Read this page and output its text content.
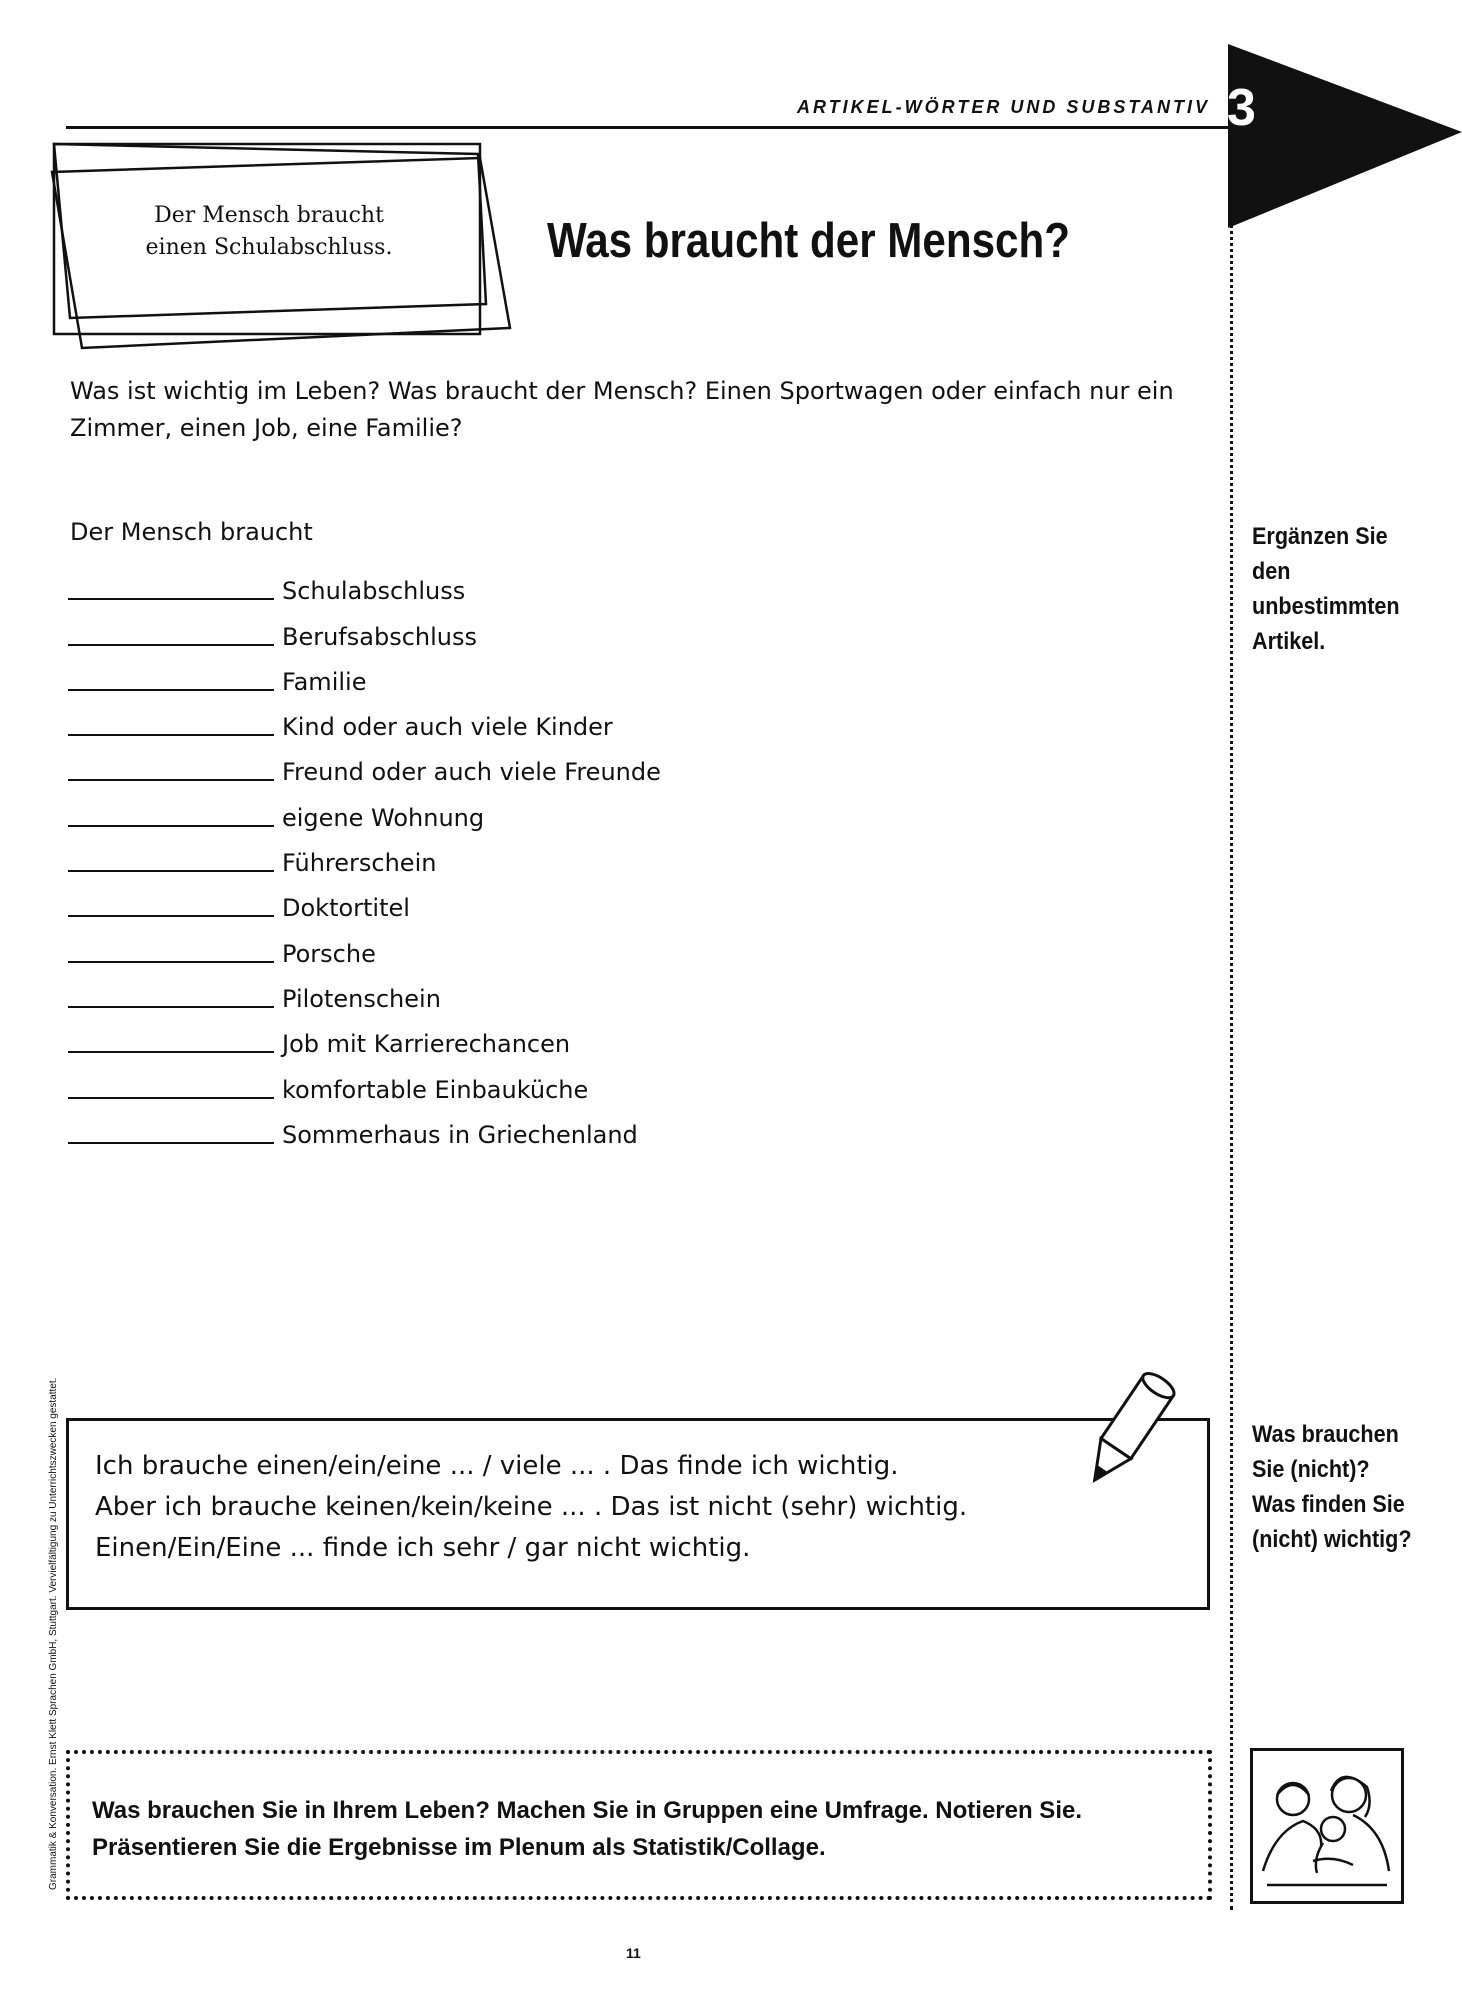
ARTIKEL-WÖRTER UND SUBSTANTIV 3
Der Mensch braucht
einen Schulabschluss.	Was braucht der Mensch?
Was ist wichtig im Leben? Was braucht der Mensch? Einen Sportwagen oder einfach nur ein
Zimmer, einen Job, eine Familie?
Der Mensch braucht
Schulabschluss
Berufsabschluss
Familie
Kind oder auch viele Kinder
Freund oder auch viele Freunde
eigene Wohnung
Führerschein
Doktortitel
Porsche
Pilotenschein
Job mit Karrierechancen
komfortable Einbauküche
Sommerhaus in Griechenland
Ergänzen Sie den
unbestimmten
Artikel.
Was brauchen
Sie (nicht)?
Was finden Sie
(nicht) wichtig?
Ich brauche einen/ein/eine ... / viele ... . Das finde ich wichtig.
Aber ich brauche keinen/kein/keine ... . Das ist nicht (sehr) wichtig.
Einen/Ein/Eine ... finde ich sehr / gar nicht wichtig.
Was brauchen Sie in Ihrem Leben? Machen Sie in Gruppen eine Umfrage. Notieren Sie.
Präsentieren Sie die Ergebnisse im Plenum als Statistik/Collage.
Grammatik & Konversation. Ernst Klett Sprachen GmbH, Stuttgart. Vervielfältigung zu Unterrichtszwecken gestattet.
11
